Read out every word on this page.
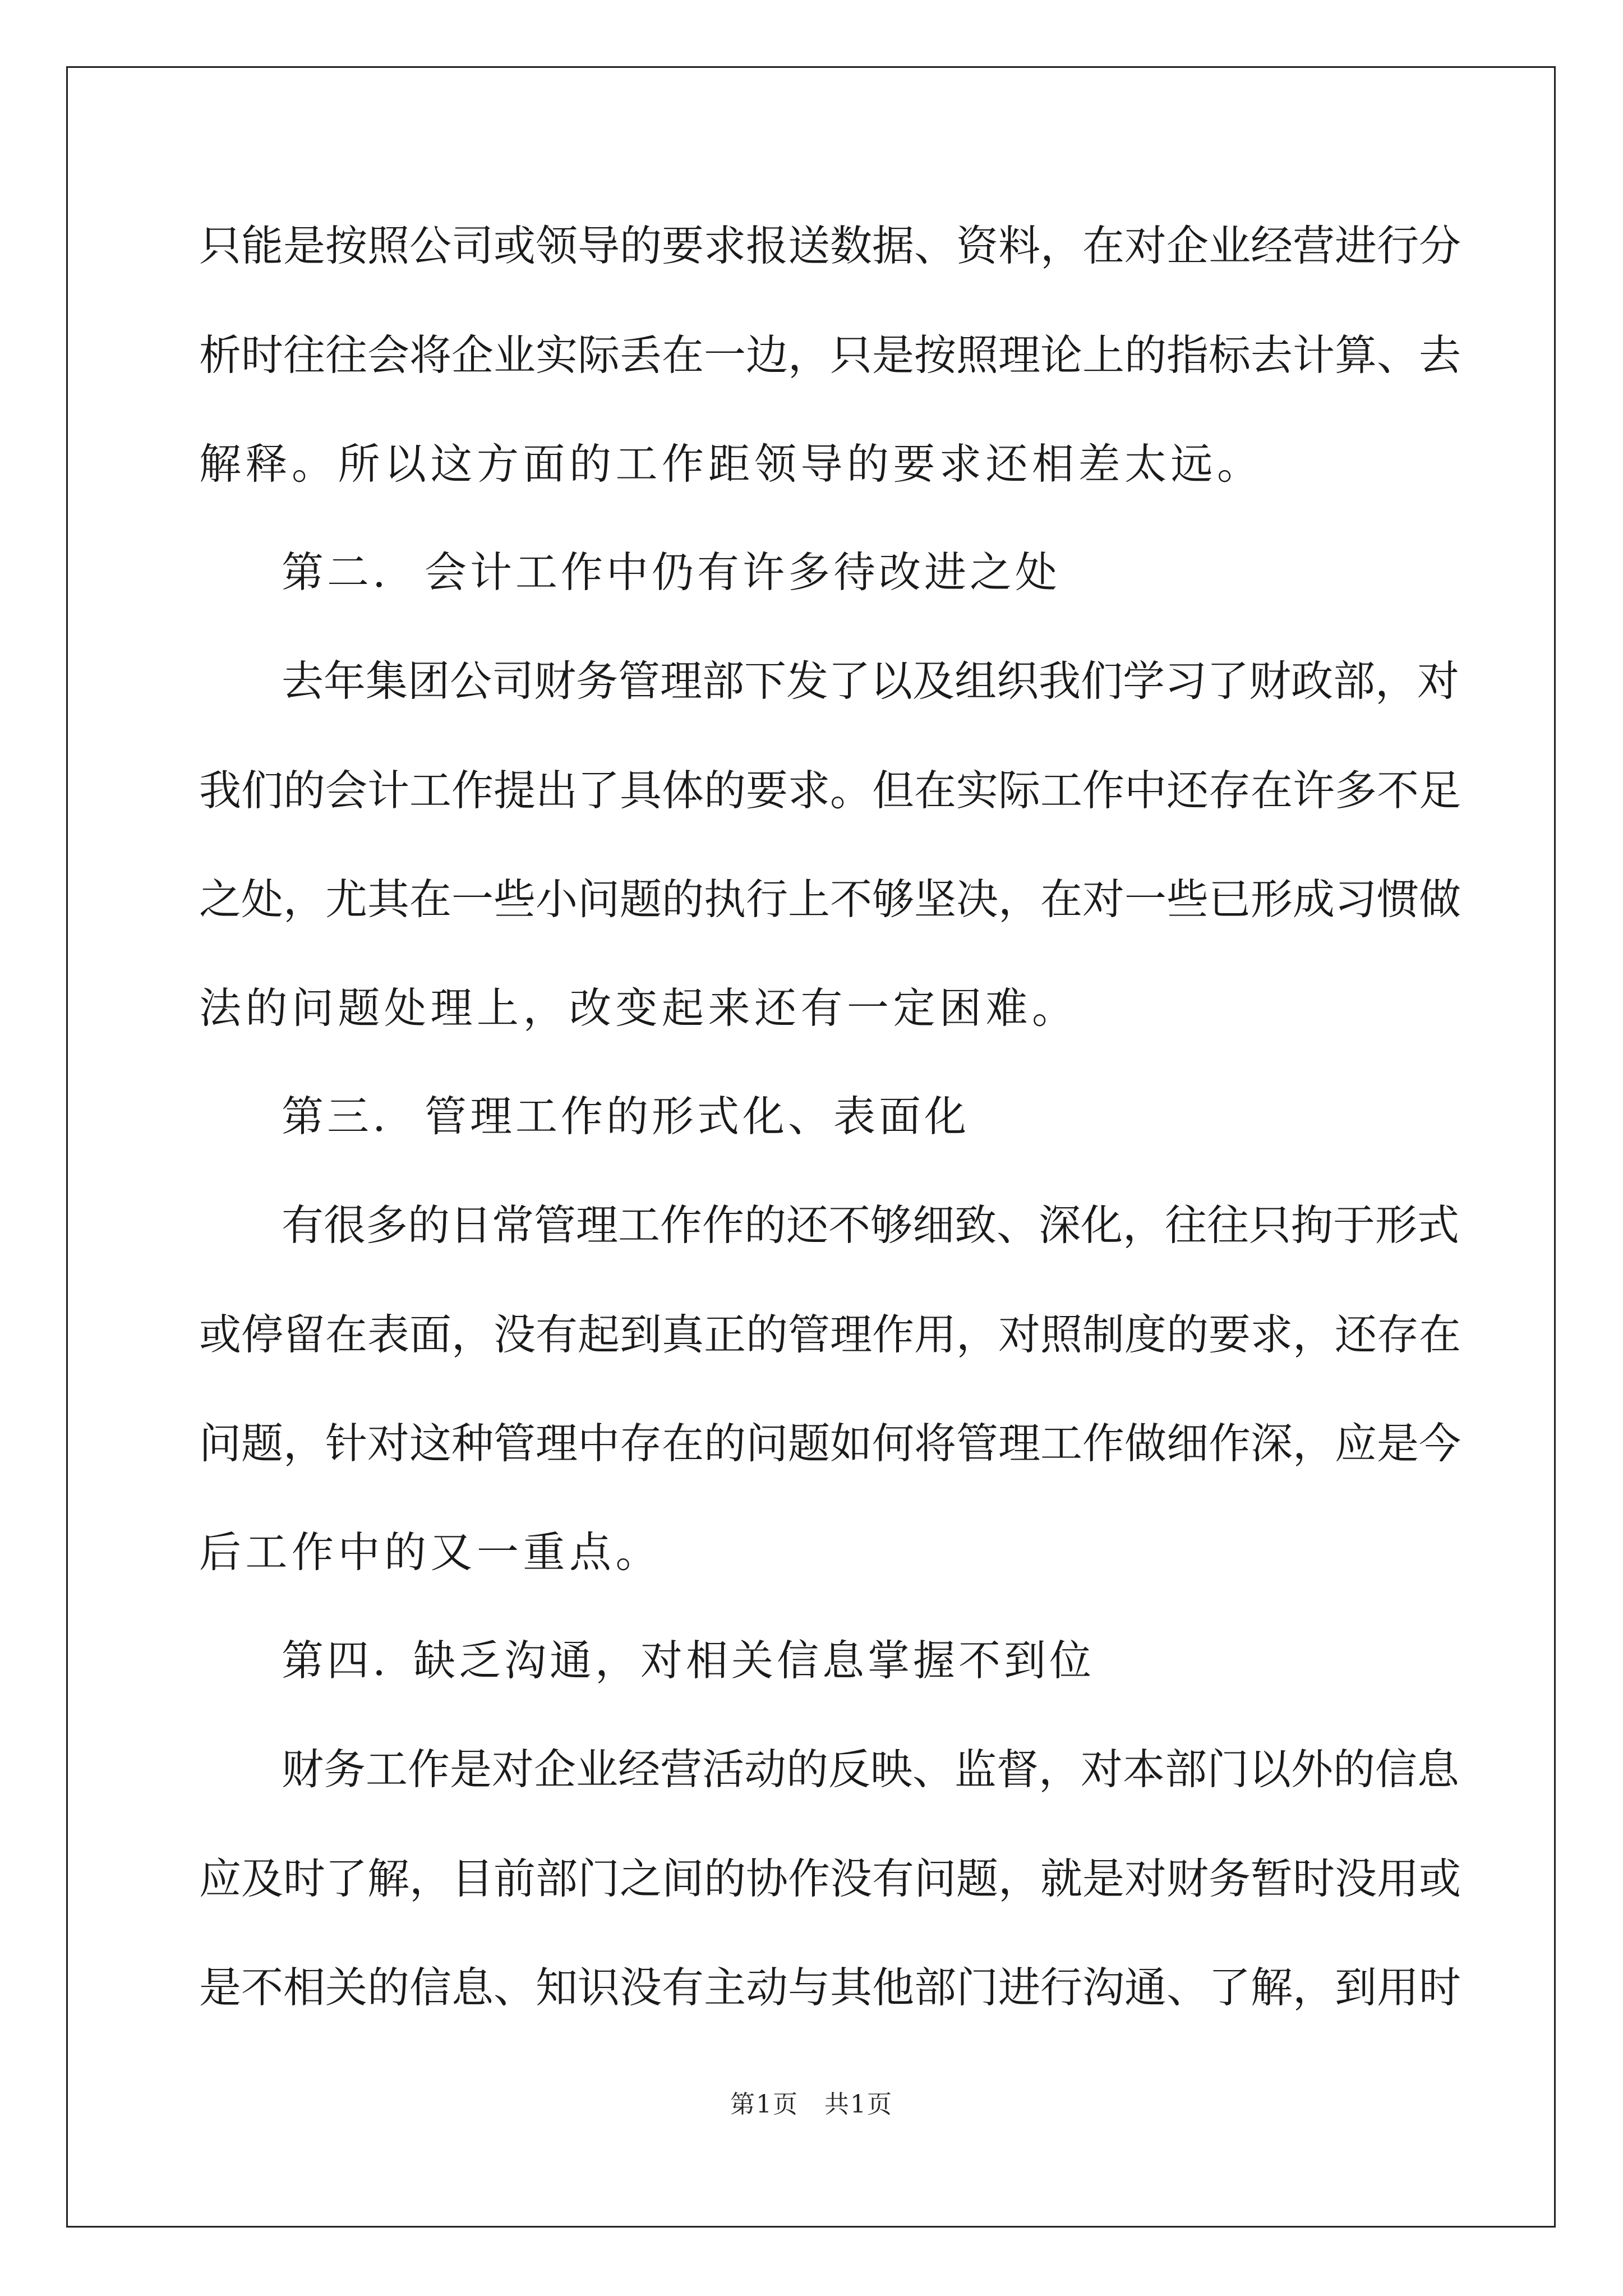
只能是按照公司或领导的要求报送数据、资料，在对企业经营进行分
析时往往会将企业实际丢在一边，只是按照理论上的指标去计算、去
解释。所以这方面的工作距领导的要求还相差太远。
第二. 会计工作中仍有许多待改进之处
去年集团公司财务管理部下发了以及组织我们学习了财政部，对
我们的会计工作提出了具体的要求。但在实际工作中还存在许多不足
之处，尤其在一些小问题的执行上不够坚决，在对一些已形成习惯做
法的问题处理上，改变起来还有一定困难。
第三. 管理工作的形式化、表面化
有很多的日常管理工作作的还不够细致、深化，往往只拘于形式
或停留在表面，没有起到真正的管理作用，对照制度的要求，还存在
问题，针对这种管理中存在的问题如何将管理工作做细作深，应是今
后工作中的又一重点。
第四. 缺乏沟通，对相关信息掌握不到位
财务工作是对企业经营活动的反映、监督，对本部门以外的信息
应及时了解，目前部门之间的协作没有问题，就是对财务暂时没用或
是不相关的信息、知识没有主动与其他部门进行沟通、了解，到用时
第1页　共1页
